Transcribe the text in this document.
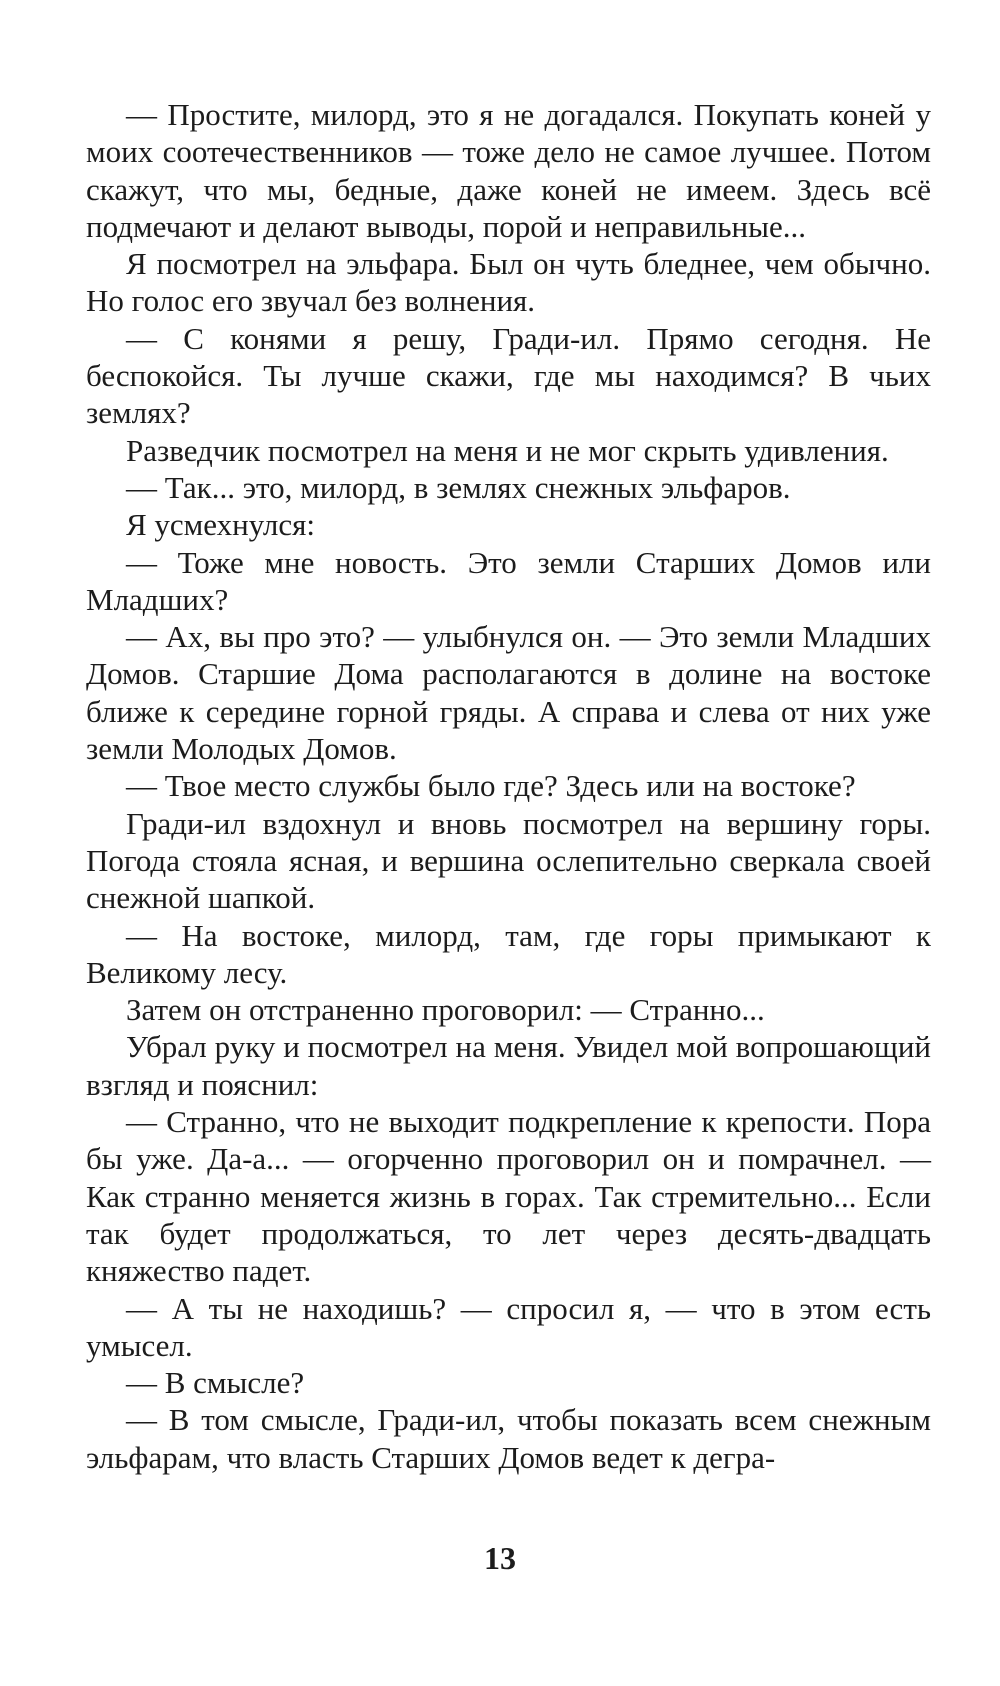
— Простите, милорд, это я не догадался. Покупать коней у моих соотечественников — тоже дело не самое лучшее. Потом скажут, что мы, бедные, даже коней не имеем. Здесь всё подмечают и делают выводы, порой и неправильные...

Я посмотрел на эльфара. Был он чуть бледнее, чем обычно. Но голос его звучал без волнения.

— С конями я решу, Гради-ил. Прямо сегодня. Не беспокойся. Ты лучше скажи, где мы находимся? В чьих землях?

Разведчик посмотрел на меня и не мог скрыть удивления.

— Так... это, милорд, в землях снежных эльфаров.

Я усмехнулся:

— Тоже мне новость. Это земли Старших Домов или Младших?

— Ах, вы про это? — улыбнулся он. — Это земли Младших Домов. Старшие Дома располагаются в долине на востоке ближе к середине горной гряды. А справа и слева от них уже земли Молодых Домов.

— Твое место службы было где? Здесь или на востоке?

Гради-ил вздохнул и вновь посмотрел на вершину горы. Погода стояла ясная, и вершина ослепительно сверкала своей снежной шапкой.

— На востоке, милорд, там, где горы примыкают к Великому лесу.

Затем он отстраненно проговорил: — Странно...

Убрал руку и посмотрел на меня. Увидел мой вопрошающий взгляд и пояснил:

— Странно, что не выходит подкрепление к крепости. Пора бы уже. Да-а... — огорченно проговорил он и помрачнел. — Как странно меняется жизнь в горах. Так стремительно... Если так будет продолжаться, то лет через десять-двадцать княжество падет.

— А ты не находишь? — спросил я, — что в этом есть умысел.

— В смысле?

— В том смысле, Гради-ил, чтобы показать всем снежным эльфарам, что власть Старших Домов ведет к дегра-

13
